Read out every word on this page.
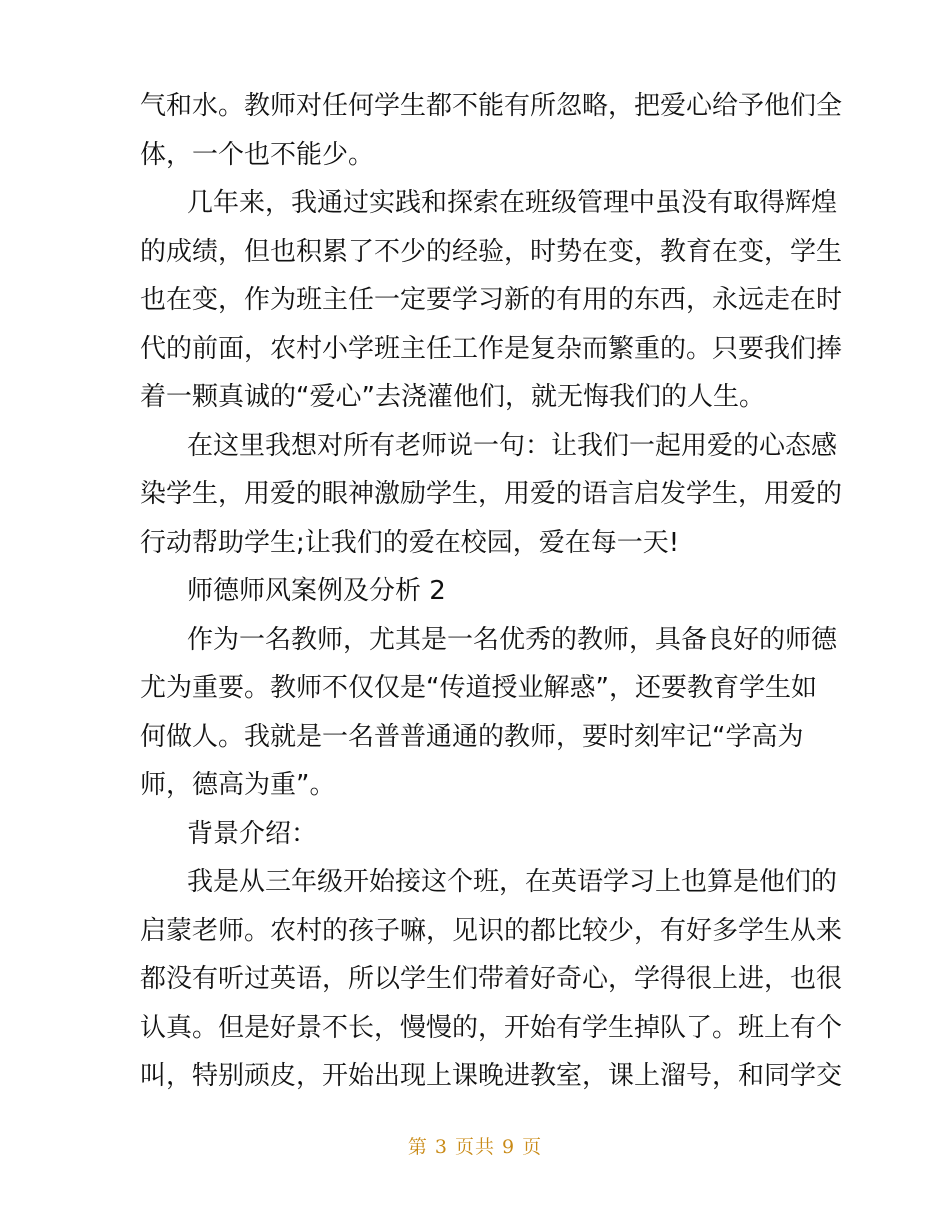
气和水。教师对任何学生都不能有所忽略，把爱心给予他们全
体，一个也不能少。

几年来，我通过实践和探索在班级管理中虽没有取得辉煌
的成绩，但也积累了不少的经验，时势在变，教育在变，学生
也在变，作为班主任一定要学习新的有用的东西，永远走在时
代的前面，农村小学班主任工作是复杂而繁重的。只要我们捧
着一颗真诚的“爱心”去浇灌他们，就无悔我们的人生。

在这里我想对所有老师说一句：让我们一起用爱的心态感
染学生，用爱的眼神激励学生，用爱的语言启发学生，用爱的
行动帮助学生;让我们的爱在校园，爱在每一天!

师德师风案例及分析 2

作为一名教师，尤其是一名优秀的教师，具备良好的师德
尤为重要。教师不仅仅是“传道授业解惑”，还要教育学生如
何做人。我就是一名普普通通的教师，要时刻牢记“学高为
师，德高为重”。

背景介绍：

我是从三年级开始接这个班，在英语学习上也算是他们的
启蒙老师。农村的孩子嘛，见识的都比较少，有好多学生从来
都没有听过英语，所以学生们带着好奇心，学得很上进，也很
认真。但是好景不长，慢慢的，开始有学生掉队了。班上有个
叫，特别顽皮，开始出现上课晚进教室，课上溜号，和同学交

第 3 页共 9 页
